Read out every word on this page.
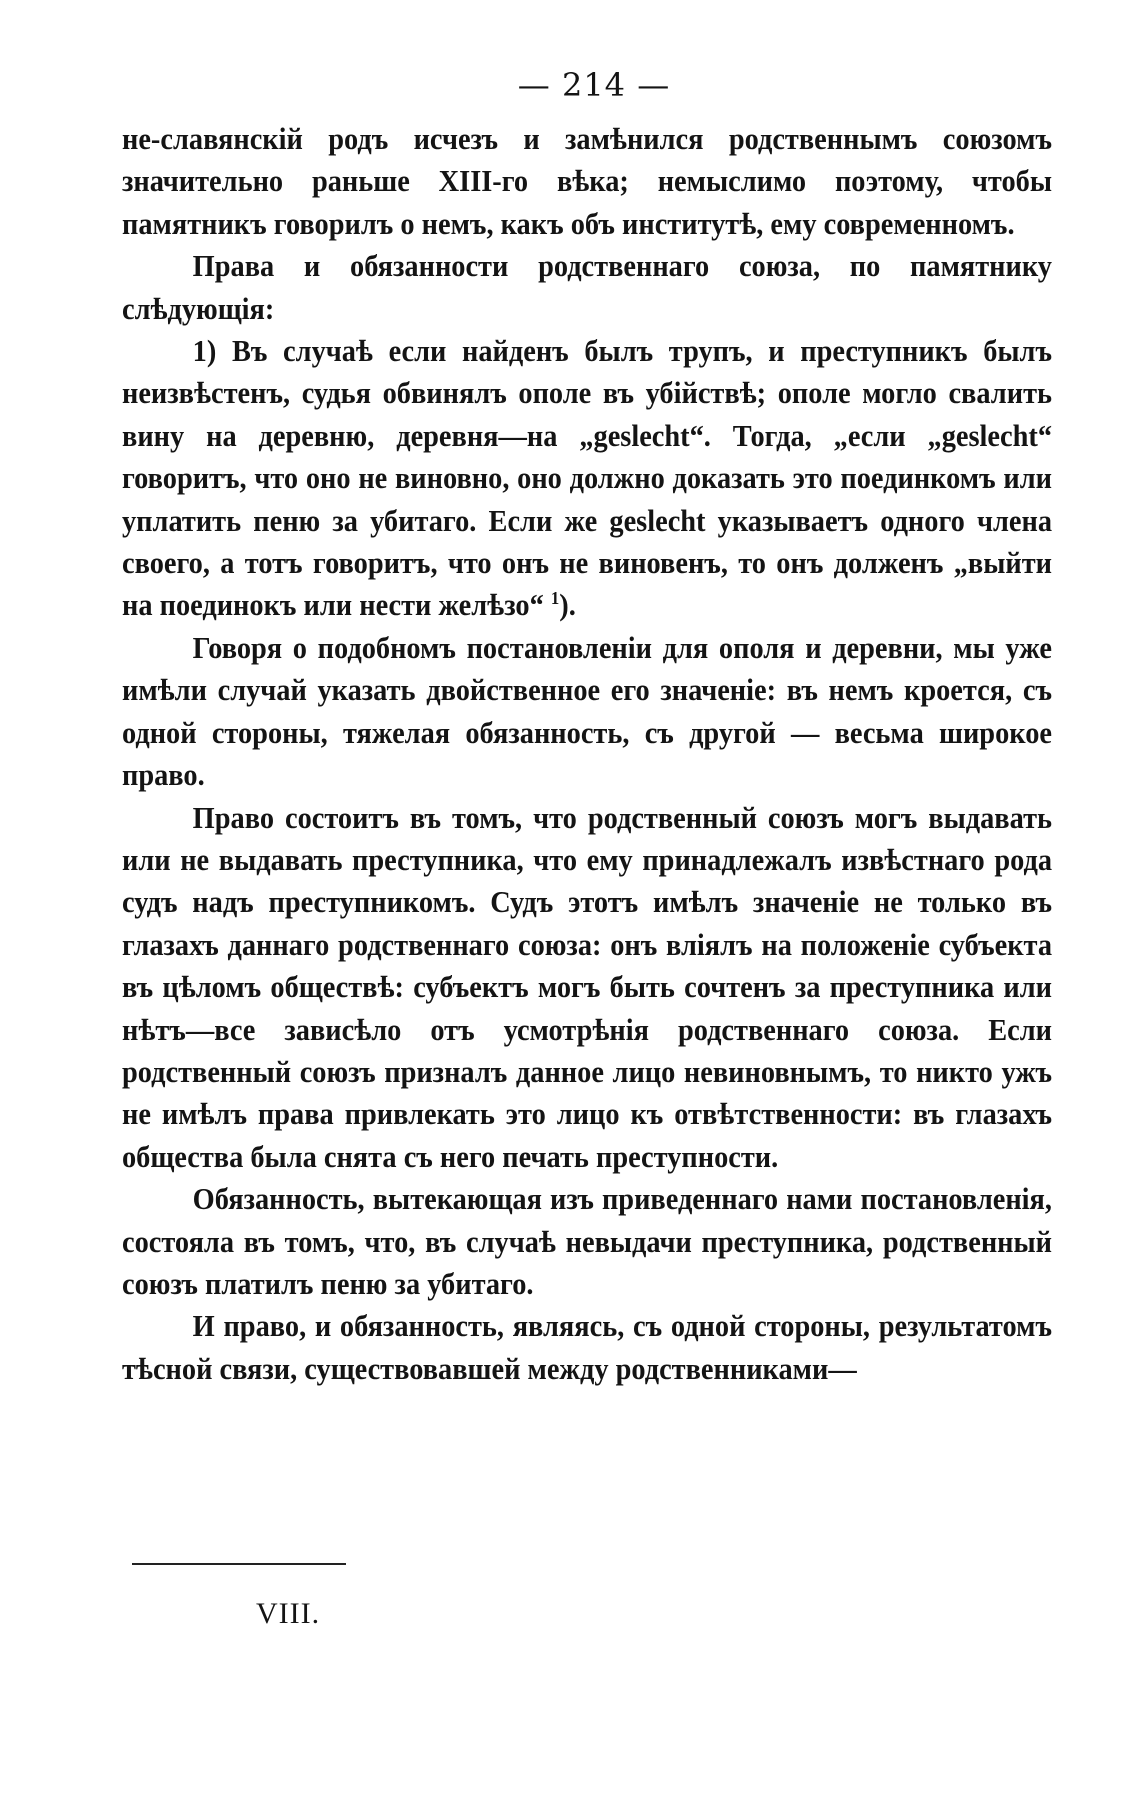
— 214 —

не-славянскій родъ исчезъ и замѣнился родственнымъ союзомъ значительно раньше XIII-го вѣка; немыслимо поэтому, чтобы памятникъ говорилъ о немъ, какъ объ институтѣ, ему современномъ.

Права и обязанности родственнаго союза, по памятнику слѣдующія:

1) Въ случаѣ если найденъ былъ трупъ, и преступникъ былъ неизвѣстенъ, судья обвинялъ ополе въ убійствѣ; ополе могло свалить вину на деревню, деревня—на „geslecht“. Тогда, „если „geslecht“ говоритъ, что оно не виновно, оно должно доказать это поединкомъ или уплатить пеню за убитаго. Если же geslecht указываетъ одного члена своего, а тотъ говоритъ, что онъ не виновенъ, то онъ долженъ „выйти на поединокъ или нести желѣзо“ $^1$).

Говоря о подобномъ постановленіи для ополя и деревни, мы уже имѣли случай указать двойственное его значеніе: въ немъ кроется, съ одной стороны, тяжелая обязанность, съ другой — весьма широкое право.

Право состоитъ въ томъ, что родственный союзъ могъ выдавать или не выдавать преступника, что ему принадлежалъ извѣстнаго рода судъ надъ преступникомъ. Судъ этотъ имѣлъ значеніе не только въ глазахъ даннаго родственнаго союза: онъ вліялъ на положеніе субъекта въ цѣломъ обществѣ: субъектъ могъ быть сочтенъ за преступника или нѣтъ—все зависѣло отъ усмотрѣнія родственнаго союза. Если родственный союзъ призналъ данное лицо невиновнымъ, то никто ужъ не имѣлъ права привлекать это лицо къ отвѣтственности: въ глазахъ общества была снята съ него печать преступности.

Обязанность, вытекающая изъ приведеннаго нами постановленія, состояла въ томъ, что, въ случаѣ невыдачи преступника, родственный союзъ платилъ пеню за убитаго.

И право, и обязанность, являясь, съ одной стороны, результатомъ тѣсной связи, существовавшей между родственниками—

VIII.
